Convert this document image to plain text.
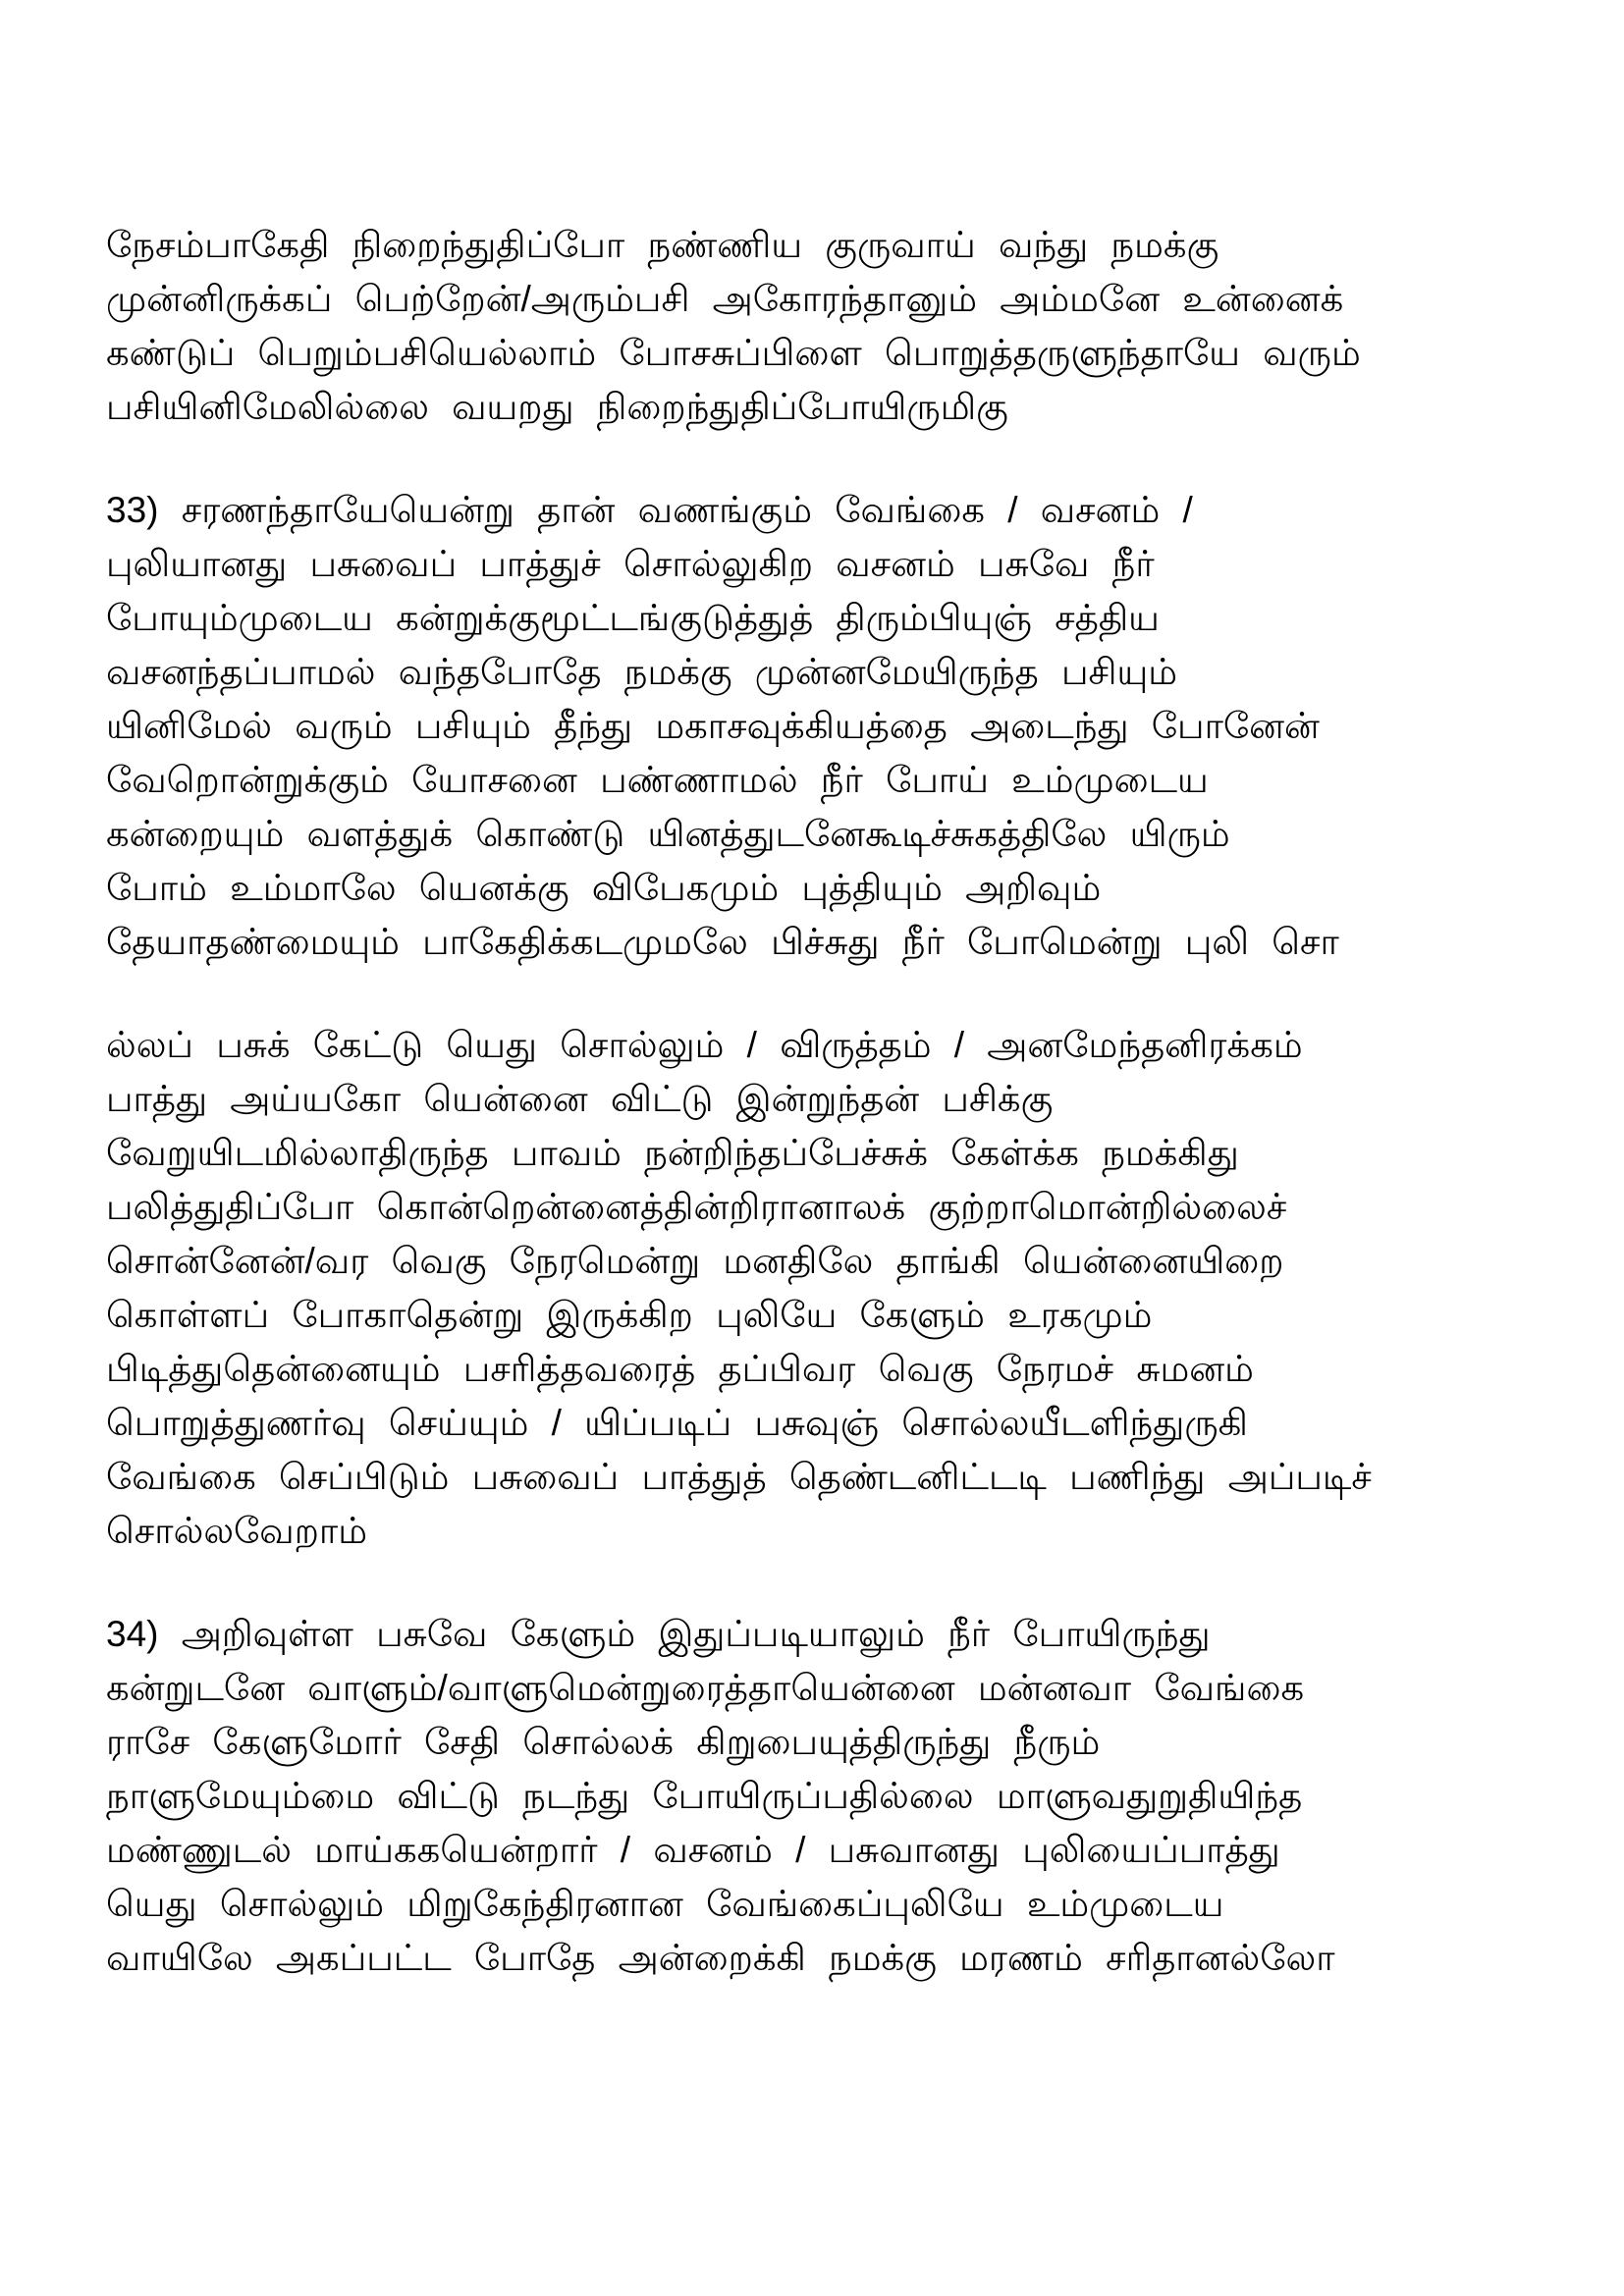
நேசம்பாகேதி நிறைந்துதிப்போ நண்ணிய குருவாய் வந்து நமக்கு
முன்னிருக்கப் பெற்றேன்/அரும்பசி அகோரந்தானும் அம்மனே உன்னைக்
கண்டுப் பெறும்பசியெல்லாம் போசசுப்பிளை பொறுத்தருளுந்தாயே வரும்
பசியினிமேலில்லை வயறது நிறைந்துதிப்போயிருமிகு
33) சரணந்தாயேயென்று தான் வணங்கும் வேங்கை / வசனம் /
புலியானது பசுவைப் பாத்துச் சொல்லுகிற வசனம் பசுவே நீர்
போயும்முடைய கன்றுக்குமூட்டங்குடுத்துத் திரும்பியுஞ் சத்திய
வசனந்தப்பாமல் வந்தபோதே நமக்கு முன்னமேயிருந்த பசியும்
யினிமேல் வரும் பசியும் தீந்து மகாசவுக்கியத்தை அடைந்து போனேன்
வேறொன்றுக்கும் யோசனை பண்ணாமல் நீர் போய் உம்முடைய
கன்றையும் வளத்துக் கொண்டு யினத்துடனேகூடிச்சுகத்திலே யிரும்
போம் உம்மாலே யெனக்கு விபேகமும் புத்தியும் அறிவும்
தேயாதண்மையும் பாகேதிக்கடமுமலே பிச்சுது நீர் போமென்று புலி சொ
ல்லப் பசுக் கேட்டு யெது சொல்லும் / விருத்தம் / அனமேந்தனிரக்கம்
பாத்து அய்யகோ யென்னை விட்டு இன்றுந்தன் பசிக்கு
வேறுயிடமில்லாதிருந்த பாவம் நன்றிந்தப்பேச்சுக் கேள்க்க நமக்கிது
பலித்துதிப்போ கொன்றென்னைத்தின்றிரானாலக் குற்றாமொன்றில்லைச்
சொன்னேன்/வர வெகு நேரமென்று மனதிலே தாங்கி யென்னையிறை
கொள்ளப் போகாதென்று இருக்கிற புலியே கேளும் உரகமும்
பிடித்துதென்னையும் பசரித்தவரைத் தப்பிவர வெகு நேரமச் சுமனம்
பொறுத்துணர்வு செய்யும் / யிப்படிப் பசுவுஞ் சொல்லயீடளிந்துருகி
வேங்கை செப்பிடும் பசுவைப் பாத்துத் தெண்டனிட்டடி பணிந்து அப்படிச்
சொல்லவேறாம்
34) அறிவுள்ள பசுவே கேளும் இதுப்படியாலும் நீர் போயிருந்து
கன்றுடனே வாளும்/வாளுமென்றுரைத்தாயென்னை மன்னவா வேங்கை
ராசே கேளுமோர் சேதி சொல்லக் கிறுபையுத்திருந்து நீரும்
நாளுமேயும்மை விட்டு நடந்து போயிருப்பதில்லை மாளுவதுறுதியிந்த
மண்ணுடல் மாய்ககயென்றார் / வசனம் / பசுவானது புலியைப்பாத்து
யெது சொல்லும் மிறுகேந்திரனான வேங்கைப்புலியே உம்முடைய
வாயிலே அகப்பட்ட போதே அன்றைக்கி நமக்கு மரணம் சரிதானல்லோ
